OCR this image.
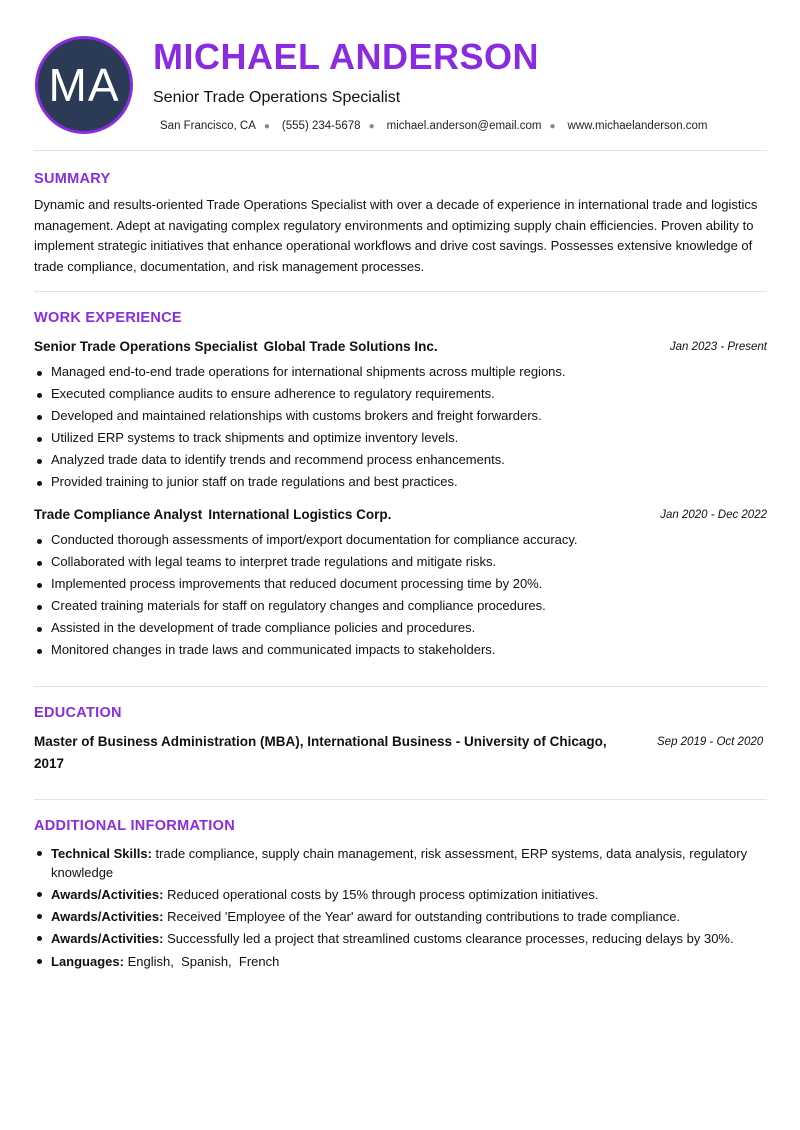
MA
MICHAEL ANDERSON
Senior Trade Operations Specialist
San Francisco, CA ● (555) 234-5678 ● michael.anderson@email.com ● www.michaelanderson.com
SUMMARY
Dynamic and results-oriented Trade Operations Specialist with over a decade of experience in international trade and logistics management. Adept at navigating complex regulatory environments and optimizing supply chain efficiencies. Proven ability to implement strategic initiatives that enhance operational workflows and drive cost savings. Possesses extensive knowledge of trade compliance, documentation, and risk management processes.
WORK EXPERIENCE
Senior Trade Operations Specialist Global Trade Solutions Inc.	Jan 2023 - Present
Managed end-to-end trade operations for international shipments across multiple regions.
Executed compliance audits to ensure adherence to regulatory requirements.
Developed and maintained relationships with customs brokers and freight forwarders.
Utilized ERP systems to track shipments and optimize inventory levels.
Analyzed trade data to identify trends and recommend process enhancements.
Provided training to junior staff on trade regulations and best practices.
Trade Compliance Analyst International Logistics Corp.	Jan 2020 - Dec 2022
Conducted thorough assessments of import/export documentation for compliance accuracy.
Collaborated with legal teams to interpret trade regulations and mitigate risks.
Implemented process improvements that reduced document processing time by 20%.
Created training materials for staff on regulatory changes and compliance procedures.
Assisted in the development of trade compliance policies and procedures.
Monitored changes in trade laws and communicated impacts to stakeholders.
EDUCATION
Master of Business Administration (MBA), International Business - University of Chicago, 2017
Sep 2019 - Oct 2020
ADDITIONAL INFORMATION
Technical Skills: trade compliance, supply chain management, risk assessment, ERP systems, data analysis, regulatory knowledge
Awards/Activities: Reduced operational costs by 15% through process optimization initiatives.
Awards/Activities: Received 'Employee of the Year' award for outstanding contributions to trade compliance.
Awards/Activities: Successfully led a project that streamlined customs clearance processes, reducing delays by 30%.
Languages: English,  Spanish,  French
